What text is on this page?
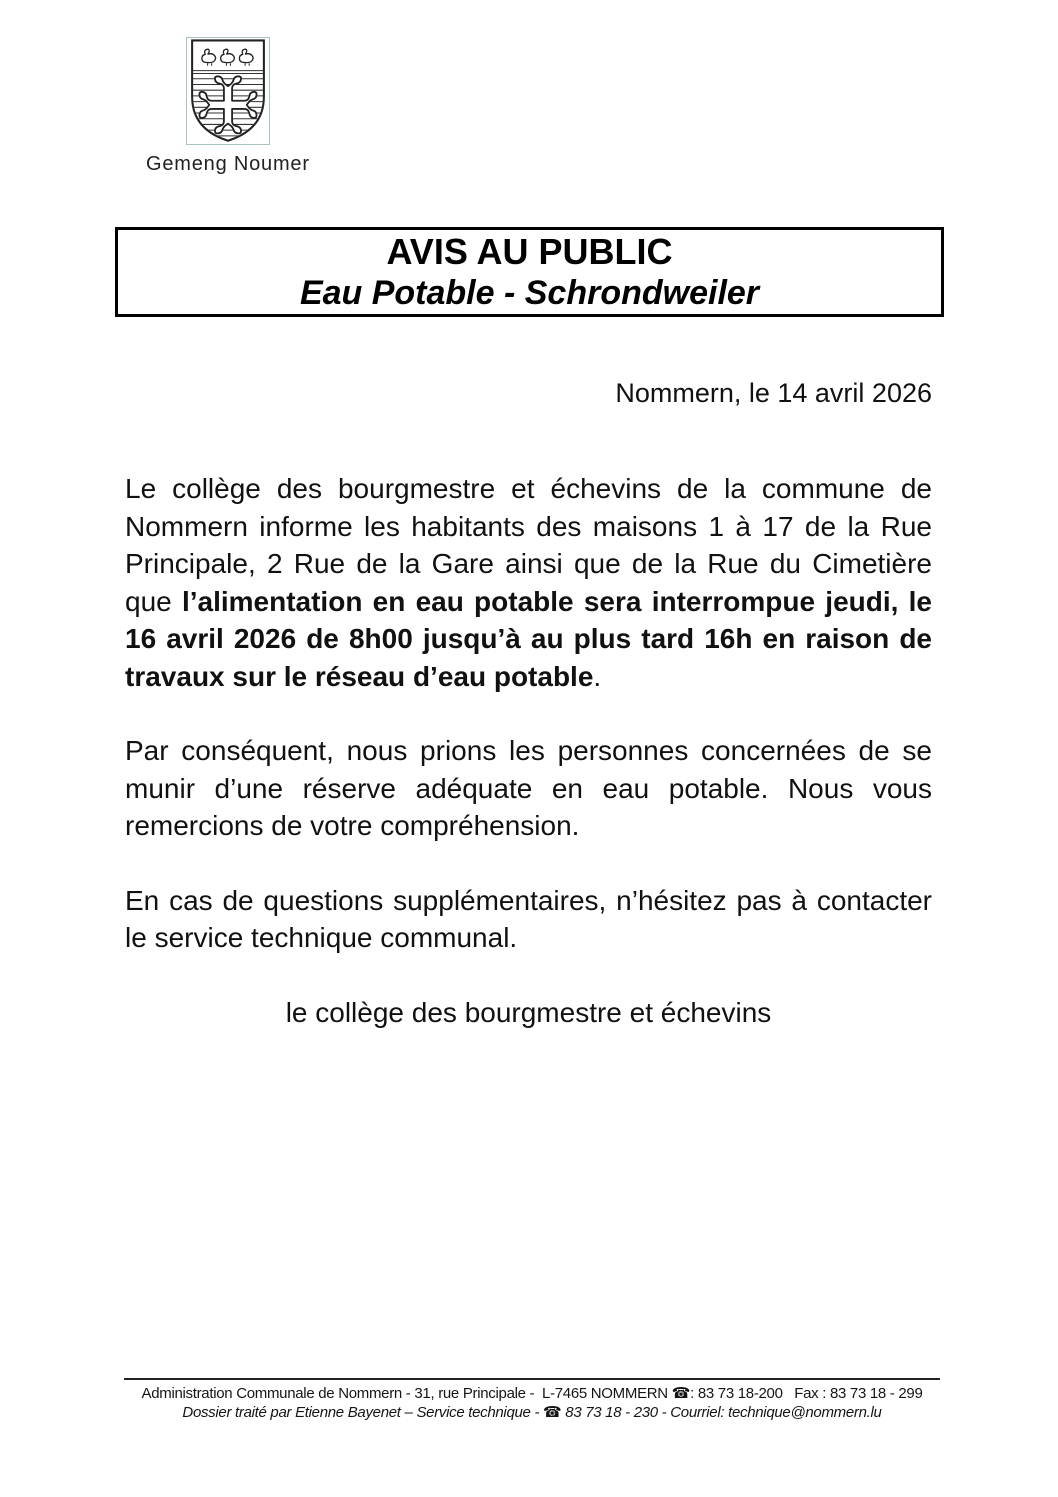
Gemeng Noumer
AVIS AU PUBLIC
Eau Potable - Schrondweiler
Nommern, le 14 avril 2026

Le collège des bourgmestre et échevins de la commune de Nommern informe les habitants des maisons 1 à 17 de la Rue Principale, 2 Rue de la Gare ainsi que de la Rue du Cimetière que l’alimentation en eau potable sera interrompue jeudi, le 16 avril 2026 de 8h00 jusqu’à au plus tard 16h en raison de travaux sur le réseau d’eau potable.

Par conséquent, nous prions les personnes concernées de se munir d’une réserve adéquate en eau potable. Nous vous remercions de votre compréhension.

En cas de questions supplémentaires, n’hésitez pas à contacter le service technique communal.

le collège des bourgmestre et échevins
Administration Communale de Nommern - 31, rue Principale -  L-7465 NOMMERN ☎: 83 73 18-200   Fax : 83 73 18 - 299
Dossier traité par Etienne Bayenet – Service technique - ☎ 83 73 18 - 230 - Courriel: technique@nommern.lu
